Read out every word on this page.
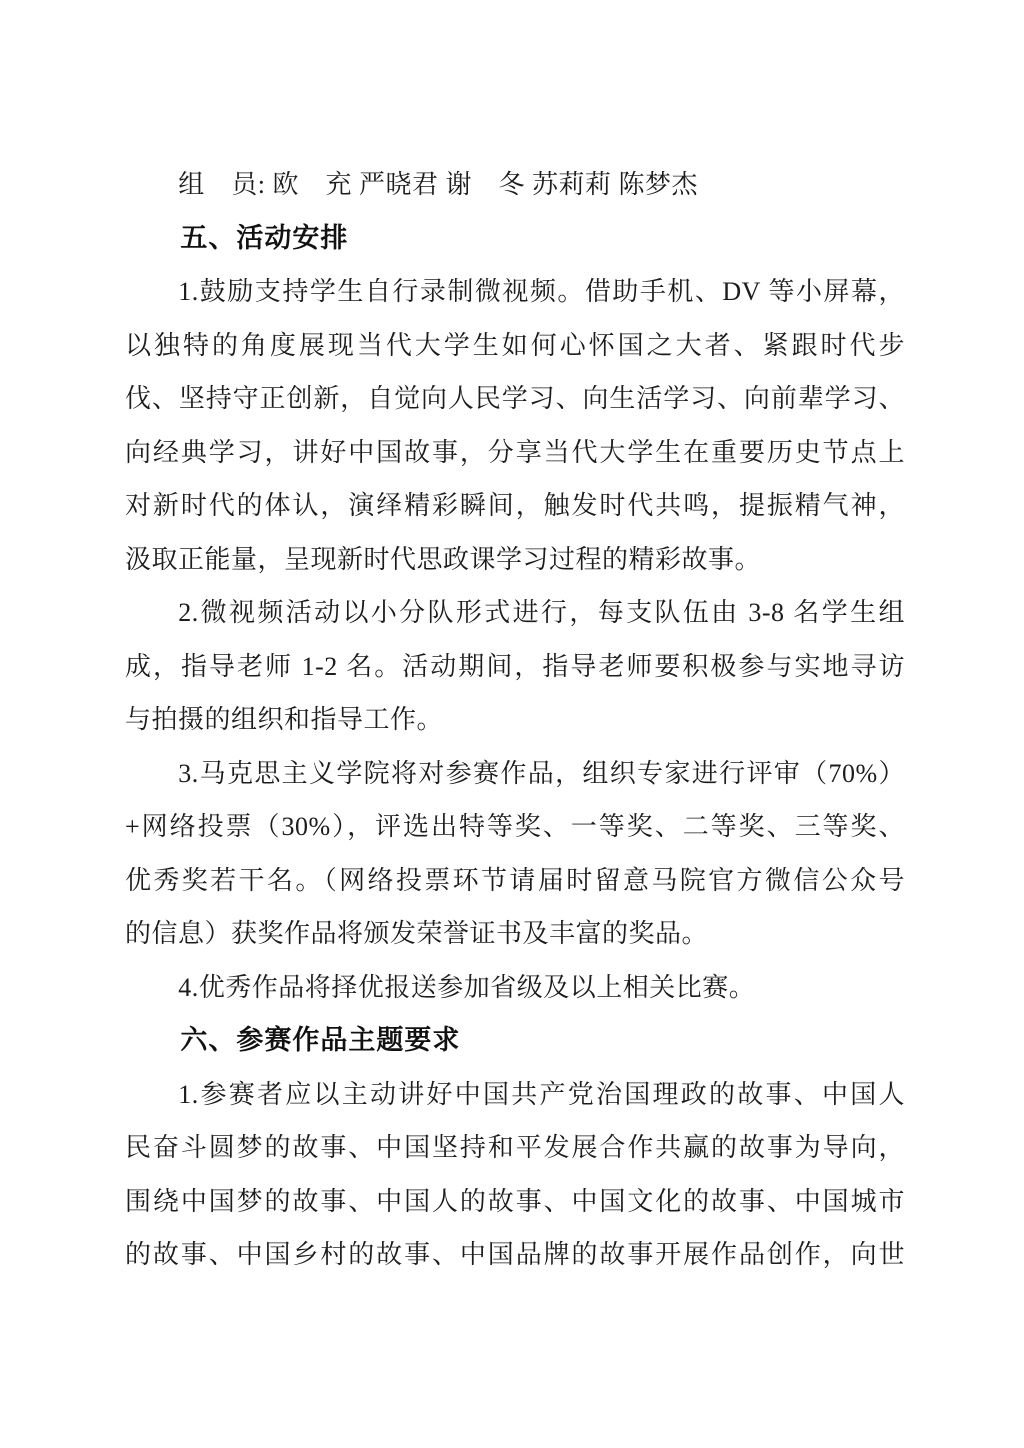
组　员: 欧　充 严晓君 谢　冬 苏莉莉 陈梦杰
五、活动安排
1.鼓励支持学生自行录制微视频。借助手机、DV 等小屏幕，
以独特的角度展现当代大学生如何心怀国之大者、紧跟时代步
伐、坚持守正创新，自觉向人民学习、向生活学习、向前辈学习、
向经典学习，讲好中国故事，分享当代大学生在重要历史节点上
对新时代的体认，演绎精彩瞬间，触发时代共鸣，提振精气神，
汲取正能量，呈现新时代思政课学习过程的精彩故事。
2.微视频活动以小分队形式进行，每支队伍由 3-8 名学生组
成，指导老师 1-2 名。活动期间，指导老师要积极参与实地寻访
与拍摄的组织和指导工作。
3.马克思主义学院将对参赛作品，组织专家进行评审（70%）
+网络投票（30%），评选出特等奖、一等奖、二等奖、三等奖、
优秀奖若干名。（网络投票环节请届时留意马院官方微信公众号
的信息）获奖作品将颁发荣誉证书及丰富的奖品。
4.优秀作品将择优报送参加省级及以上相关比赛。
六、参赛作品主题要求
1.参赛者应以主动讲好中国共产党治国理政的故事、中国人
民奋斗圆梦的故事、中国坚持和平发展合作共赢的故事为导向，
围绕中国梦的故事、中国人的故事、中国文化的故事、中国城市
的故事、中国乡村的故事、中国品牌的故事开展作品创作，向世
